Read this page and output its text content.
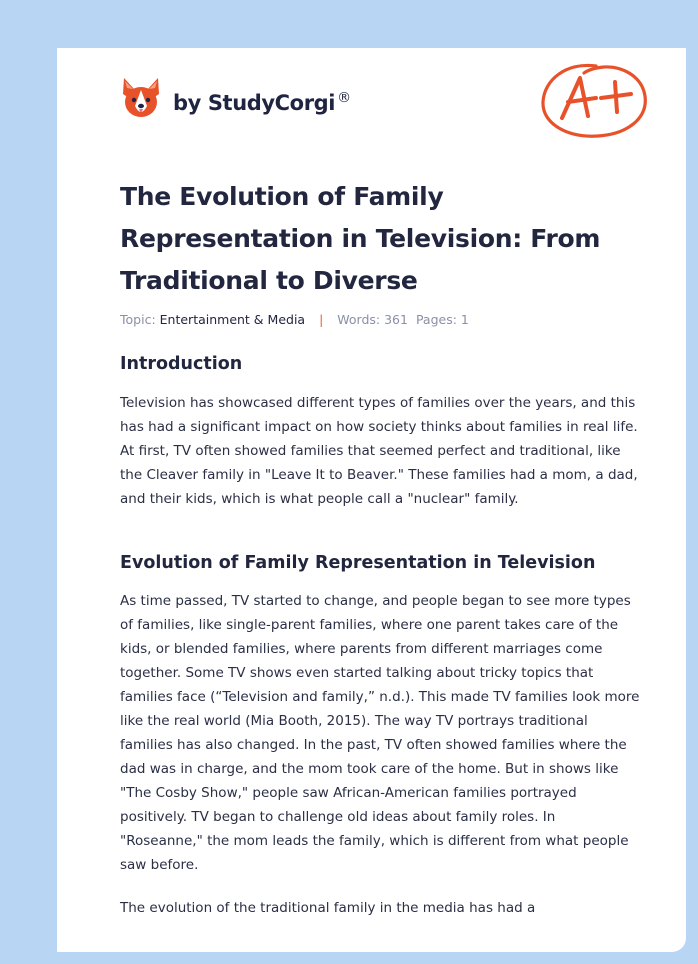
by StudyCorgi ®
The Evolution of Family Representation in Television: From Traditional to Diverse
Topic: Entertainment & Media | Words: 361 Pages: 1
Introduction

Television has showcased different types of families over the years, and this has had a significant impact on how society thinks about families in real life. At first, TV often showed families that seemed perfect and traditional, like the Cleaver family in "Leave It to Beaver." These families had a mom, a dad, and their kids, which is what people call a "nuclear" family.

Evolution of Family Representation in Television

As time passed, TV started to change, and people began to see more types of families, like single-parent families, where one parent takes care of the kids, or blended families, where parents from different marriages come together. Some TV shows even started talking about tricky topics that families face (“Television and family,” n.d.). This made TV families look more like the real world (Mia Booth, 2015). The way TV portrays traditional families has also changed. In the past, TV often showed families where the dad was in charge, and the mom took care of the home. But in shows like "The Cosby Show," people saw African-American families portrayed positively. TV began to challenge old ideas about family roles. In "Roseanne," the mom leads the family, which is different from what people saw before.

The evolution of the traditional family in the media has had a
